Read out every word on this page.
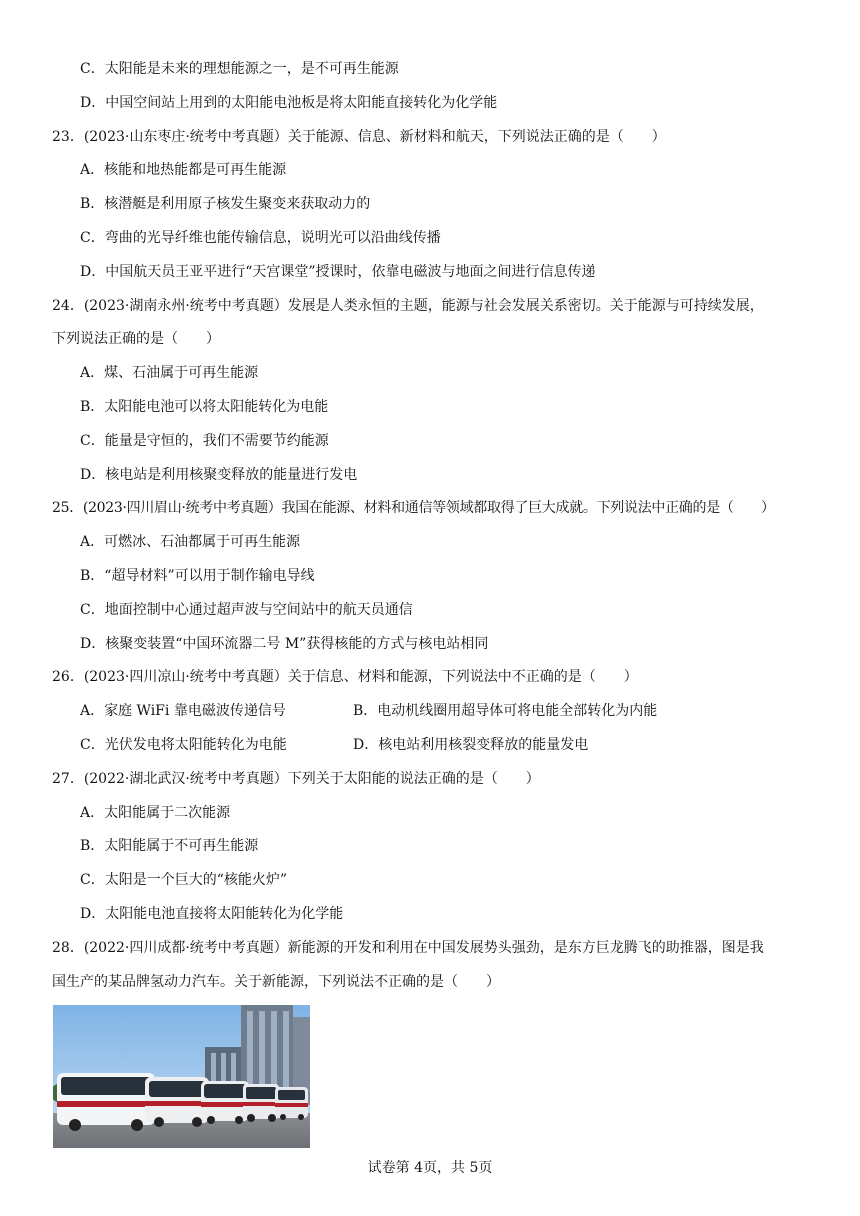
C．太阳能是未来的理想能源之一，是不可再生能源
D．中国空间站上用到的太阳能电池板是将太阳能直接转化为化学能
23．(2023·山东枣庄·统考中考真题）关于能源、信息、新材料和航天，下列说法正确的是（　　）
A．核能和地热能都是可再生能源
B．核潜艇是利用原子核发生聚变来获取动力的
C．弯曲的光导纤维也能传输信息，说明光可以沿曲线传播
D．中国航天员王亚平进行“天宫课堂”授课时，依靠电磁波与地面之间进行信息传递
24．(2023·湖南永州·统考中考真题）发展是人类永恒的主题，能源与社会发展关系密切。关于能源与可持续发展，
下列说法正确的是（　　）
A．煤、石油属于可再生能源
B．太阳能电池可以将太阳能转化为电能
C．能量是守恒的，我们不需要节约能源
D．核电站是利用核聚变释放的能量进行发电
25．(2023·四川眉山·统考中考真题）我国在能源、材料和通信等领域都取得了巨大成就。下列说法中正确的是（　　）
A．可燃冰、石油都属于可再生能源
B．“超导材料”可以用于制作输电导线
C．地面控制中心通过超声波与空间站中的航天员通信
D．核聚变装置“中国环流器二号 M”获得核能的方式与核电站相同
26．(2023·四川凉山·统考中考真题）关于信息、材料和能源，下列说法中不正确的是（　　）
A．家庭 WiFi 靠电磁波传递信号	B．电动机线圈用超导体可将电能全部转化为内能
C．光伏发电将太阳能转化为电能	D．核电站利用核裂变释放的能量发电
27．(2022·湖北武汉·统考中考真题）下列关于太阳能的说法正确的是（　　）
A．太阳能属于二次能源
B．太阳能属于不可再生能源
C．太阳是一个巨大的“核能火炉”
D．太阳能电池直接将太阳能转化为化学能
28．(2022·四川成都·统考中考真题）新能源的开发和利用在中国发展势头强劲，是东方巨龙腾飞的助推器，图是我
国生产的某品牌氢动力汽车。关于新能源，下列说法不正确的是（　　）
试卷第 4页，共 5页
